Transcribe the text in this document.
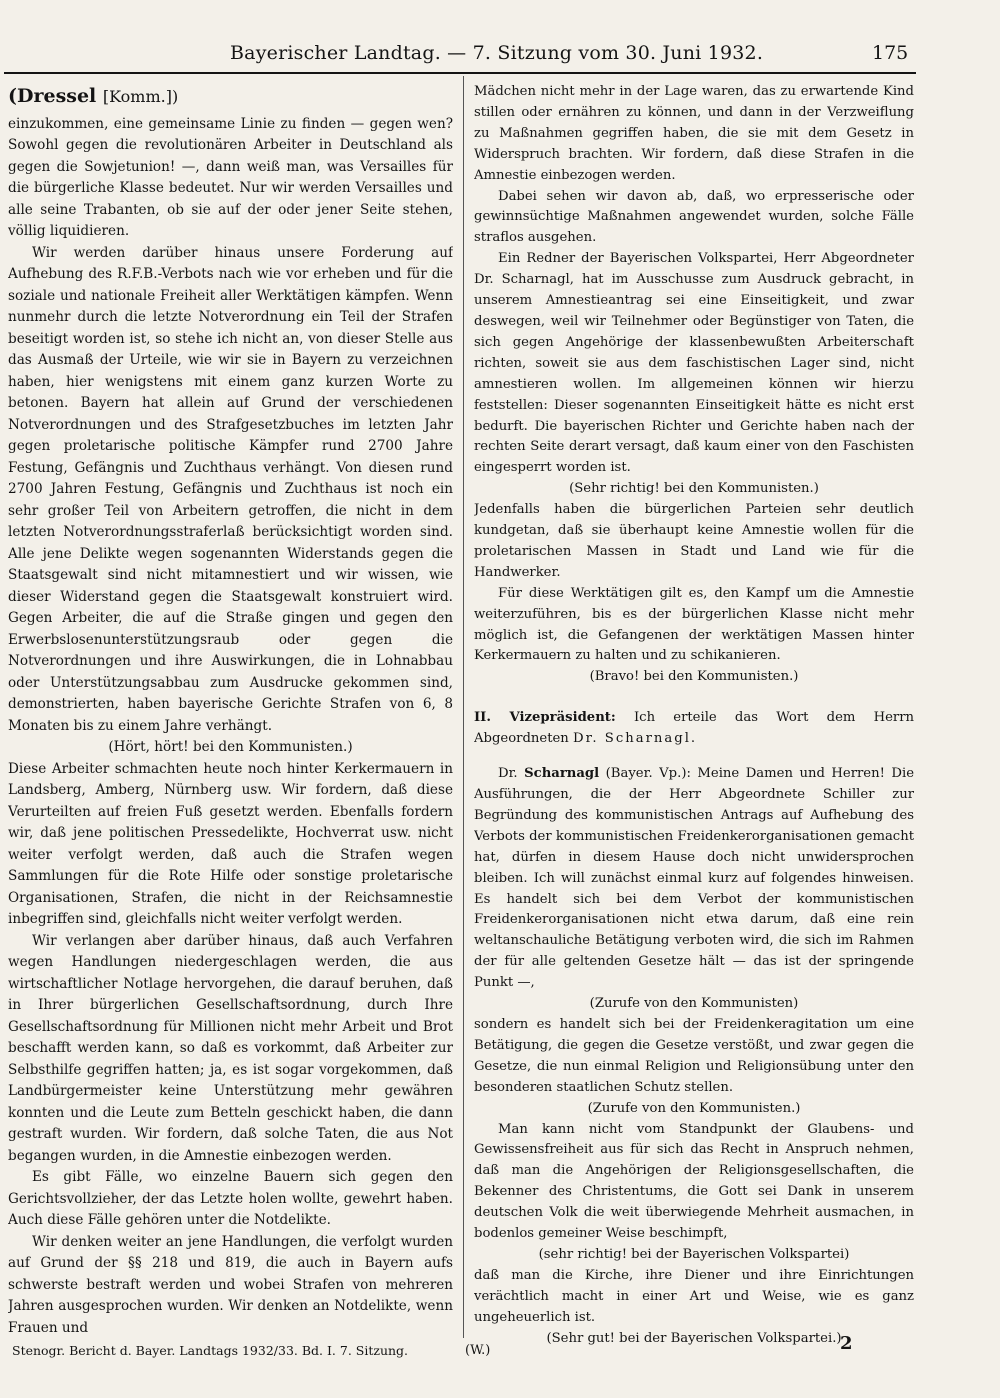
Bayerischer Landtag. — 7. Sitzung vom 30. Juni 1932.	175
(Dressel [Komm.])

einzukommen, eine gemeinsame Linie zu finden — gegen wen? Sowohl gegen die revolutionären Arbeiter in Deutschland als gegen die Sowjetunion! —, dann weiß man, was Versailles für die bürgerliche Klasse bedeutet. Nur wir werden Versailles und alle seine Trabanten, ob sie auf der oder jener Seite stehen, völlig liquidieren.

Wir werden darüber hinaus unsere Forderung auf Aufhebung des R.F.B.-Verbots nach wie vor erheben und für die soziale und nationale Freiheit aller Werktätigen kämpfen. Wenn nunmehr durch die letzte Notverordnung ein Teil der Strafen beseitigt worden ist, so stehe ich nicht an, von dieser Stelle aus das Ausmaß der Urteile, wie wir sie in Bayern zu verzeichnen haben, hier wenigstens mit einem ganz kurzen Worte zu betonen. Bayern hat allein auf Grund der verschiedenen Notverordnungen und des Strafgesetzbuches im letzten Jahr gegen proletarische politische Kämpfer rund 2700 Jahre Festung, Gefängnis und Zuchthaus verhängt. Von diesen rund 2700 Jahren Festung, Gefängnis und Zuchthaus ist noch ein sehr großer Teil von Arbeitern getroffen, die nicht in dem letzten Notverordnungsstraferlaß berücksichtigt worden sind. Alle jene Delikte wegen sogenannten Widerstands gegen die Staatsgewalt sind nicht mitamnestiert und wir wissen, wie dieser Widerstand gegen die Staatsgewalt konstruiert wird. Gegen Arbeiter, die auf die Straße gingen und gegen den Erwerbslosenunterstützungsraub oder gegen die Notverordnungen und ihre Auswirkungen, die in Lohnabbau oder Unterstützungsabbau zum Ausdrucke gekommen sind, demonstrierten, haben bayerische Gerichte Strafen von 6, 8 Monaten bis zu einem Jahre verhängt.

(Hört, hört! bei den Kommunisten.)

Diese Arbeiter schmachten heute noch hinter Kerkermauern in Landsberg, Amberg, Nürnberg usw. Wir fordern, daß diese Verurteilten auf freien Fuß gesetzt werden. Ebenfalls fordern wir, daß jene politischen Pressedelikte, Hochverrat usw. nicht weiter verfolgt werden, daß auch die Strafen wegen Sammlungen für die Rote Hilfe oder sonstige proletarische Organisationen, Strafen, die nicht in der Reichsamnestie inbegriffen sind, gleichfalls nicht weiter verfolgt werden.

Wir verlangen aber darüber hinaus, daß auch Verfahren wegen Handlungen niedergeschlagen werden, die aus wirtschaftlicher Notlage hervorgehen, die darauf beruhen, daß in Ihrer bürgerlichen Gesellschaftsordnung, durch Ihre Gesellschaftsordnung für Millionen nicht mehr Arbeit und Brot beschafft werden kann, so daß es vorkommt, daß Arbeiter zur Selbsthilfe gegriffen hatten; ja, es ist sogar vorgekommen, daß Landbürgermeister keine Unterstützung mehr gewähren konnten und die Leute zum Betteln geschickt haben, die dann gestraft wurden. Wir fordern, daß solche Taten, die aus Not begangen wurden, in die Amnestie einbezogen werden.

Es gibt Fälle, wo einzelne Bauern sich gegen den Gerichtsvollzieher, der das Letzte holen wollte, gewehrt haben. Auch diese Fälle gehören unter die Notdelikte.

Wir denken weiter an jene Handlungen, die verfolgt wurden auf Grund der §§ 218 und 819, die auch in Bayern aufs schwerste bestraft werden und wobei Strafen von mehreren Jahren ausgesprochen wurden. Wir denken an Notdelikte, wenn Frauen und

Mädchen nicht mehr in der Lage waren, das zu erwartende Kind stillen oder ernähren zu können, und dann in der Verzweiflung zu Maßnahmen gegriffen haben, die sie mit dem Gesetz in Widerspruch brachten. Wir fordern, daß diese Strafen in die Amnestie einbezogen werden.

Dabei sehen wir davon ab, daß, wo erpresserische oder gewinnsüchtige Maßnahmen angewendet wurden, solche Fälle straflos ausgehen.

Ein Redner der Bayerischen Volkspartei, Herr Abgeordneter Dr. Scharnagl, hat im Ausschusse zum Ausdruck gebracht, in unserem Amnestieantrag sei eine Einseitigkeit, und zwar deswegen, weil wir Teilnehmer oder Begünstiger von Taten, die sich gegen Angehörige der klassenbewußten Arbeiterschaft richten, soweit sie aus dem faschistischen Lager sind, nicht amnestieren wollen. Im allgemeinen können wir hierzu feststellen: Dieser sogenannten Einseitigkeit hätte es nicht erst bedurft. Die bayerischen Richter und Gerichte haben nach der rechten Seite derart versagt, daß kaum einer von den Faschisten eingesperrt worden ist.

(Sehr richtig! bei den Kommunisten.)

Jedenfalls haben die bürgerlichen Parteien sehr deutlich kundgetan, daß sie überhaupt keine Amnestie wollen für die proletarischen Massen in Stadt und Land wie für die Handwerker.

Für diese Werktätigen gilt es, den Kampf um die Amnestie weiterzuführen, bis es der bürgerlichen Klasse nicht mehr möglich ist, die Gefangenen der werktätigen Massen hinter Kerkermauern zu halten und zu schikanieren.

(Bravo! bei den Kommunisten.)

II. Vizepräsident: Ich erteile das Wort dem Herrn Abgeordneten Dr. Scharnagl.

Dr. Scharnagl (Bayer. Vp.): Meine Damen und Herren! Die Ausführungen, die der Herr Abgeordnete Schiller zur Begründung des kommunistischen Antrags auf Aufhebung des Verbots der kommunistischen Freidenkerorganisationen gemacht hat, dürfen in diesem Hause doch nicht unwidersprochen bleiben. Ich will zunächst einmal kurz auf folgendes hinweisen. Es handelt sich bei dem Verbot der kommunistischen Freidenkerorganisationen nicht etwa darum, daß eine rein weltanschauliche Betätigung verboten wird, die sich im Rahmen der für alle geltenden Gesetze hält — das ist der springende Punkt —,

(Zurufe von den Kommunisten)

sondern es handelt sich bei der Freidenkeragitation um eine Betätigung, die gegen die Gesetze verstößt, und zwar gegen die Gesetze, die nun einmal Religion und Religionsübung unter den besonderen staatlichen Schutz stellen.

(Zurufe von den Kommunisten.)

Man kann nicht vom Standpunkt der Glaubens- und Gewissensfreiheit aus für sich das Recht in Anspruch nehmen, daß man die Angehörigen der Religionsgesellschaften, die Bekenner des Christentums, die Gott sei Dank in unserem deutschen Volk die weit überwiegende Mehrheit ausmachen, in bodenlos gemeiner Weise beschimpft,

(sehr richtig! bei der Bayerischen Volkspartei)

daß man die Kirche, ihre Diener und ihre Einrichtungen verächtlich macht in einer Art und Weise, wie es ganz ungeheuerlich ist.

(Sehr gut! bei der Bayerischen Volkspartei.)

Stenogr. Bericht d. Bayer. Landtags 1932/33. Bd. I. 7. Sitzung.	(W.)	2
